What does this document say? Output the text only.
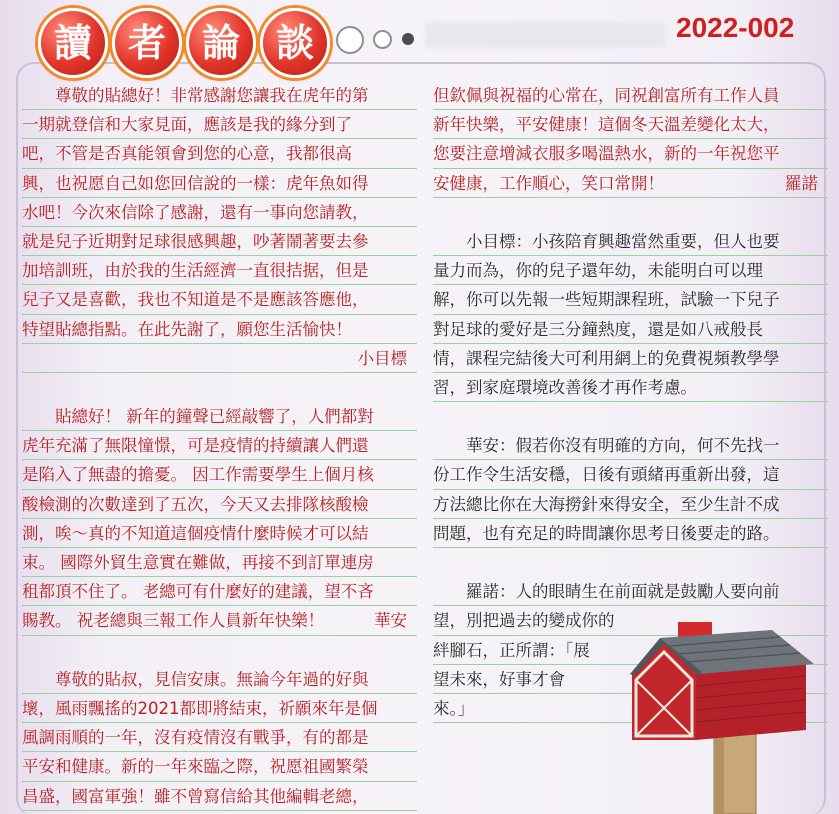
讀 者 論 談	2022-002
　　尊敬的貼總好！非常感謝您讓我在虎年的第
一期就登信和大家見面，應該是我的緣分到了
吧，不管是否真能領會到您的心意，我都很高
興，也祝愿自己如您回信說的一樣：虎年魚如得
水吧！今次來信除了感謝，還有一事向您請教，
就是兒子近期對足球很感興趣，吵著鬧著要去參
加培訓班，由於我的生活經濟一直很拮据，但是
兒子又是喜歡，我也不知道是不是應該答應他，
特望貼總指點。在此先謝了，願您生活愉快！
小目標
　　貼總好！ 新年的鐘聲已經敲響了，人們都對
虎年充滿了無限憧憬，可是疫情的持續讓人們還
是陷入了無盡的擔憂。 因工作需要學生上個月核
酸檢測的次數達到了五次，今天又去排隊核酸檢
測，唉～真的不知道這個疫情什麼時候才可以結
束。 國際外貿生意實在難做，再接不到訂單連房
租都頂不住了。 老總可有什麼好的建議，望不吝
賜教。 祝老總與三報工作人員新年快樂！	華安
　　尊敬的貼叔，見信安康。無論今年過的好與
壞，風雨飄搖的2021都即將結束，祈願來年是個
風調雨順的一年，沒有疫情沒有戰爭，有的都是
平安和健康。新的一年來臨之際，祝愿祖國繁榮
昌盛，國富軍強！雖不曾寫信給其他編輯老總，
但欽佩與祝福的心常在，同祝創富所有工作人員
新年快樂，平安健康！這個冬天溫差變化太大，
您要注意增減衣服多喝溫熱水，新的一年祝您平
安健康，工作順心，笑口常開！	羅諾
　　小目標：小孩陪育興趣當然重要，但人也要
量力而為，你的兒子還年幼，未能明白可以理
解，你可以先報一些短期課程班，試驗一下兒子
對足球的愛好是三分鐘熱度，還是如八戒般長
情，課程完結後大可利用網上的免費視頻教學學
習，到家庭環境改善後才再作考慮。
　　華安：假若你沒有明確的方向，何不先找一
份工作令生活安穩，日後有頭緒再重新出發，這
方法總比你在大海撈針來得安全，至少生計不成
問題，也有充足的時間讓你思考日後要走的路。
　　羅諾：人的眼睛生在前面就是鼓勵人要向前
望，別把過去的變成你的
絆腳石，正所謂：「展
望未來，好事才會
來。」
